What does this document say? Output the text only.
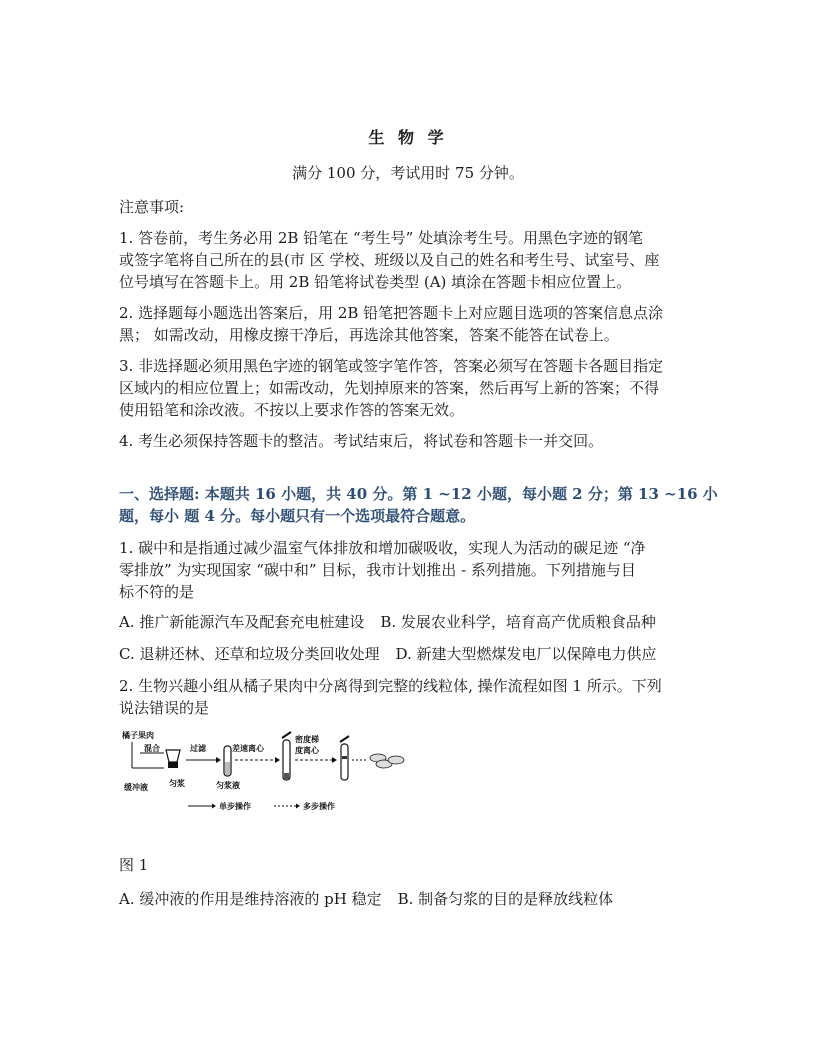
生 物 学
满分 100 分，考试用时 75 分钟。
注意事项:
1. 答卷前，考生务必用 2B 铅笔在 “考生号” 处填涂考生号。用黑色字迹的钢笔
或签字笔将自己所在的县(市 区 学校、班级以及自己的姓名和考生号、试室号、座
位号填写在答题卡上。用 2B 铅笔将试卷类型 (A) 填涂在答题卡相应位置上。
2. 选择题每小题选出答案后，用 2B 铅笔把答题卡上对应题目选项的答案信息点涂
黑； 如需改动，用橡皮擦干净后，再选涂其他答案，答案不能答在试卷上。
3. 非选择题必须用黑色字迹的钢笔或签字笔作答，答案必须写在答题卡各题目指定
区域内的相应位置上；如需改动，先划掉原来的答案，然后再写上新的答案；不得
使用铅笔和涂改液。不按以上要求作答的答案无效。
4. 考生必须保持答题卡的整洁。考试结束后，将试卷和答题卡一并交回。
一、选择题: 本题共 16 小题，共 40 分。第 1 ~12 小题，每小题 2 分；第 13 ~16 小
题，每小 题 4 分。每小题只有一个选项最符合题意。
1. 碳中和是指通过减少温室气体排放和增加碳吸收，实现人为活动的碳足迹 “净
零排放” 为实现国家 “碳中和” 目标，我市计划推出 - 系列措施。下列措施与目
标不符的是
A. 推广新能源汽车及配套充电桩建设 B. 发展农业科学，培育高产优质粮食品种
C. 退耕还林、还草和垃圾分类回收处理 D. 新建大型燃煤发电厂以保障电力供应
2. 生物兴趣小组从橘子果肉中分离得到完整的线粒体, 操作流程如图 1 所示。下列
说法错误的是
橘子果肉
混合
缓冲液	匀浆
过滤
匀浆液
差速离心
密度梯
度离心
单步操作	多步操作
图 1
A. 缓冲液的作用是维持溶液的 pH 稳定 B. 制备匀浆的目的是释放线粒体
